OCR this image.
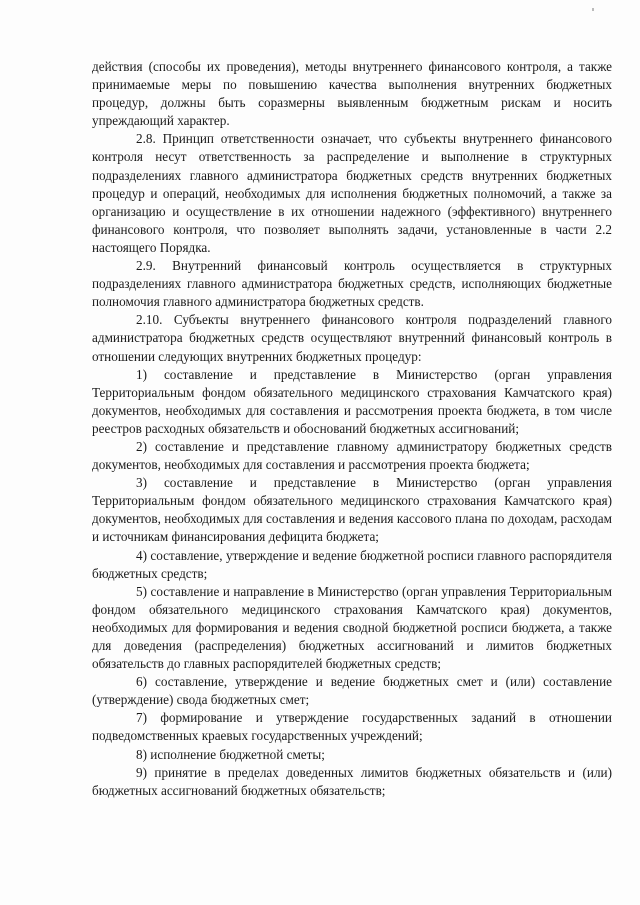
действия (способы их проведения), методы внутреннего финансового контроля, а также принимаемые меры по повышению качества выполнения внутренних бюджетных процедур, должны быть соразмерны выявленным бюджетным рискам и носить упреждающий характер.

2.8. Принцип ответственности означает, что субъекты внутреннего финансового контроля несут ответственность за распределение и выполнение в структурных подразделениях главного администратора бюджетных средств внутренних бюджетных процедур и операций, необходимых для исполнения бюджетных полномочий, а также за организацию и осуществление в их отношении надежного (эффективного) внутреннего финансового контроля, что позволяет выполнять задачи, установленные в части 2.2 настоящего Порядка.

2.9. Внутренний финансовый контроль осуществляется в структурных подразделениях главного администратора бюджетных средств, исполняющих бюджетные полномочия главного администратора бюджетных средств.

2.10. Субъекты внутреннего финансового контроля подразделений главного администратора бюджетных средств осуществляют внутренний финансовый контроль в отношении следующих внутренних бюджетных процедур:

1) составление и представление в Министерство (орган управления Территориальным фондом обязательного медицинского страхования Камчатского края) документов, необходимых для составления и рассмотрения проекта бюджета, в том числе реестров расходных обязательств и обоснований бюджетных ассигнований;

2) составление и представление главному администратору бюджетных средств документов, необходимых для составления и рассмотрения проекта бюджета;

3) составление и представление в Министерство (орган управления Территориальным фондом обязательного медицинского страхования Камчатского края) документов, необходимых для составления и ведения кассового плана по доходам, расходам и источникам финансирования дефицита бюджета;

4) составление, утверждение и ведение бюджетной росписи главного распорядителя бюджетных средств;

5) составление и направление в Министерство (орган управления Территориальным фондом обязательного медицинского страхования Камчатского края) документов, необходимых для формирования и ведения сводной бюджетной росписи бюджета, а также для доведения (распределения) бюджетных ассигнований и лимитов бюджетных обязательств до главных распорядителей бюджетных средств;

6) составление, утверждение и ведение бюджетных смет и (или) составление (утверждение) свода бюджетных смет;

7) формирование и утверждение государственных заданий в отношении подведомственных краевых государственных учреждений;

8) исполнение бюджетной сметы;

9) принятие в пределах доведенных лимитов бюджетных обязательств и (или) бюджетных ассигнований бюджетных обязательств;
